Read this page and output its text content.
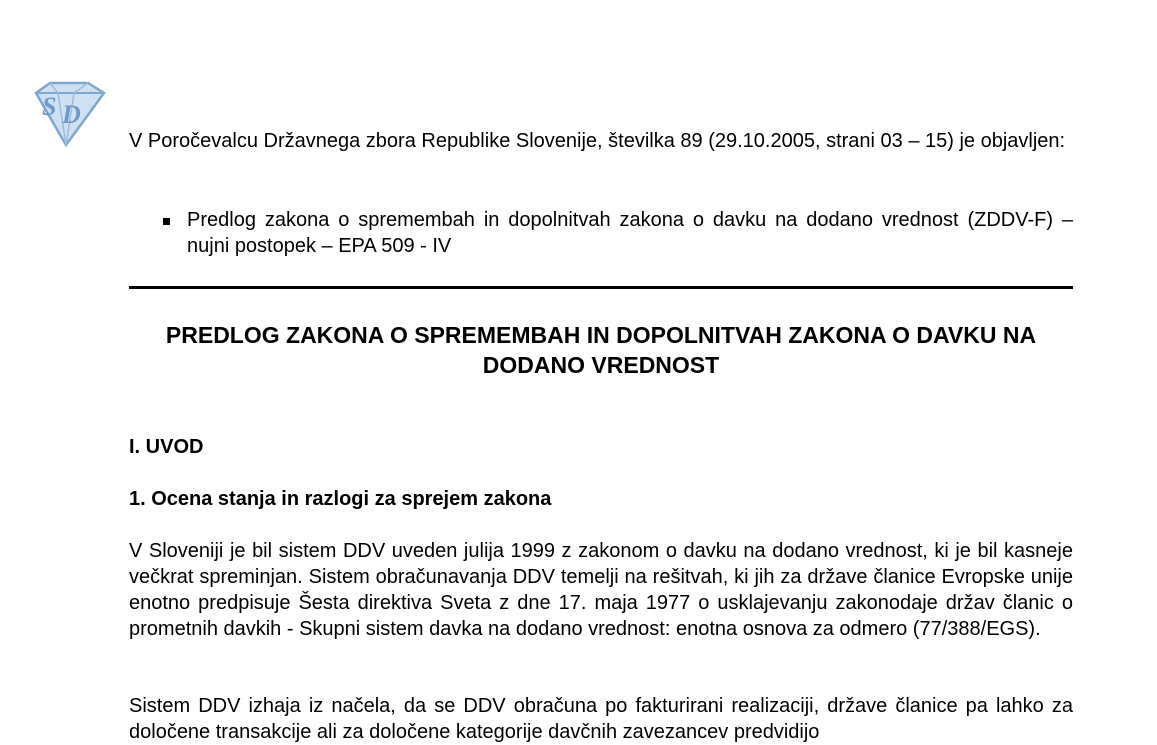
S D

V Poročevalcu Državnega zbora Republike Slovenije, številka 89 (29.10.2005, strani 03 – 15) je objavljen:

Predlog zakona o spremembah in dopolnitvah zakona o davku na dodano vrednost (ZDDV-F) – nujni postopek – EPA 509 - IV

PREDLOG ZAKONA O SPREMEMBAH IN DOPOLNITVAH ZAKONA O DAVKU NA DODANO VREDNOST
I. UVOD
1. Ocena stanja in razlogi za sprejem zakona

V Sloveniji je bil sistem DDV uveden julija 1999 z zakonom o davku na dodano vrednost, ki je bil kasneje večkrat spreminjan. Sistem obračunavanja DDV temelji na rešitvah, ki jih za države članice Evropske unije enotno predpisuje Šesta direktiva Sveta z dne 17. maja 1977 o usklajevanju zakonodaje držav članic o prometnih davkih - Skupni sistem davka na dodano vrednost: enotna osnova za odmero (77/388/EGS).

Sistem DDV izhaja iz načela, da se DDV obračuna po fakturirani realizaciji, države članice pa lahko za določene transakcije ali za določene kategorije davčnih zavezancev predvidijo
